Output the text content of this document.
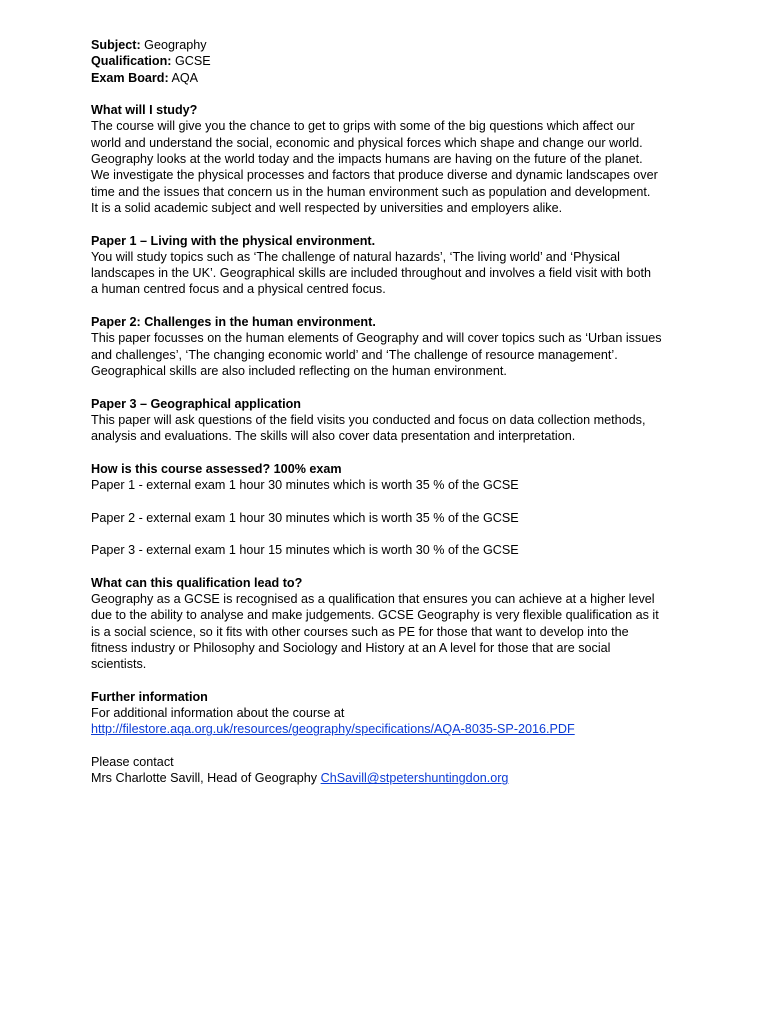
Subject: Geography
Qualification: GCSE
Exam Board: AQA
What will I study?
The course will give you the chance to get to grips with some of the big questions which affect our
world and understand the social, economic and physical forces which shape and change our world.
Geography looks at the world today and the impacts humans are having on the future of the planet.
We investigate the physical processes and factors that produce diverse and dynamic landscapes over
time and the issues that concern us in the human environment such as population and development.
It is a solid academic subject and well respected by universities and employers alike.
Paper 1 – Living with the physical environment.
You will study topics such as ‘The challenge of natural hazards’, ‘The living world’ and ‘Physical
landscapes in the UK’. Geographical skills are included throughout and involves a field visit with both
a human centred focus and a physical centred focus.
Paper 2: Challenges in the human environment.
This paper focusses on the human elements of Geography and will cover topics such as ‘Urban issues
and challenges’, ‘The changing economic world’ and ‘The challenge of resource management’.
Geographical skills are also included reflecting on the human environment.
Paper 3 – Geographical application
This paper will ask questions of the field visits you conducted and focus on data collection methods,
analysis and evaluations. The skills will also cover data presentation and interpretation.
How is this course assessed? 100% exam
Paper 1 - external exam 1 hour 30 minutes which is worth 35 % of the GCSE
Paper 2 - external exam 1 hour 30 minutes which is worth 35 % of the GCSE
Paper 3 - external exam 1 hour 15 minutes which is worth 30 % of the GCSE
What can this qualification lead to?
Geography as a GCSE is recognised as a qualification that ensures you can achieve at a higher level
due to the ability to analyse and make judgements. GCSE Geography is very flexible qualification as it
is a social science, so it fits with other courses such as PE for those that want to develop into the
fitness industry or Philosophy and Sociology and History at an A level for those that are social
scientists.
Further information
For additional information about the course at
http://filestore.aqa.org.uk/resources/geography/specifications/AQA-8035-SP-2016.PDF
Please contact
Mrs Charlotte Savill, Head of Geography ChSavill@stpetershuntingdon.org
